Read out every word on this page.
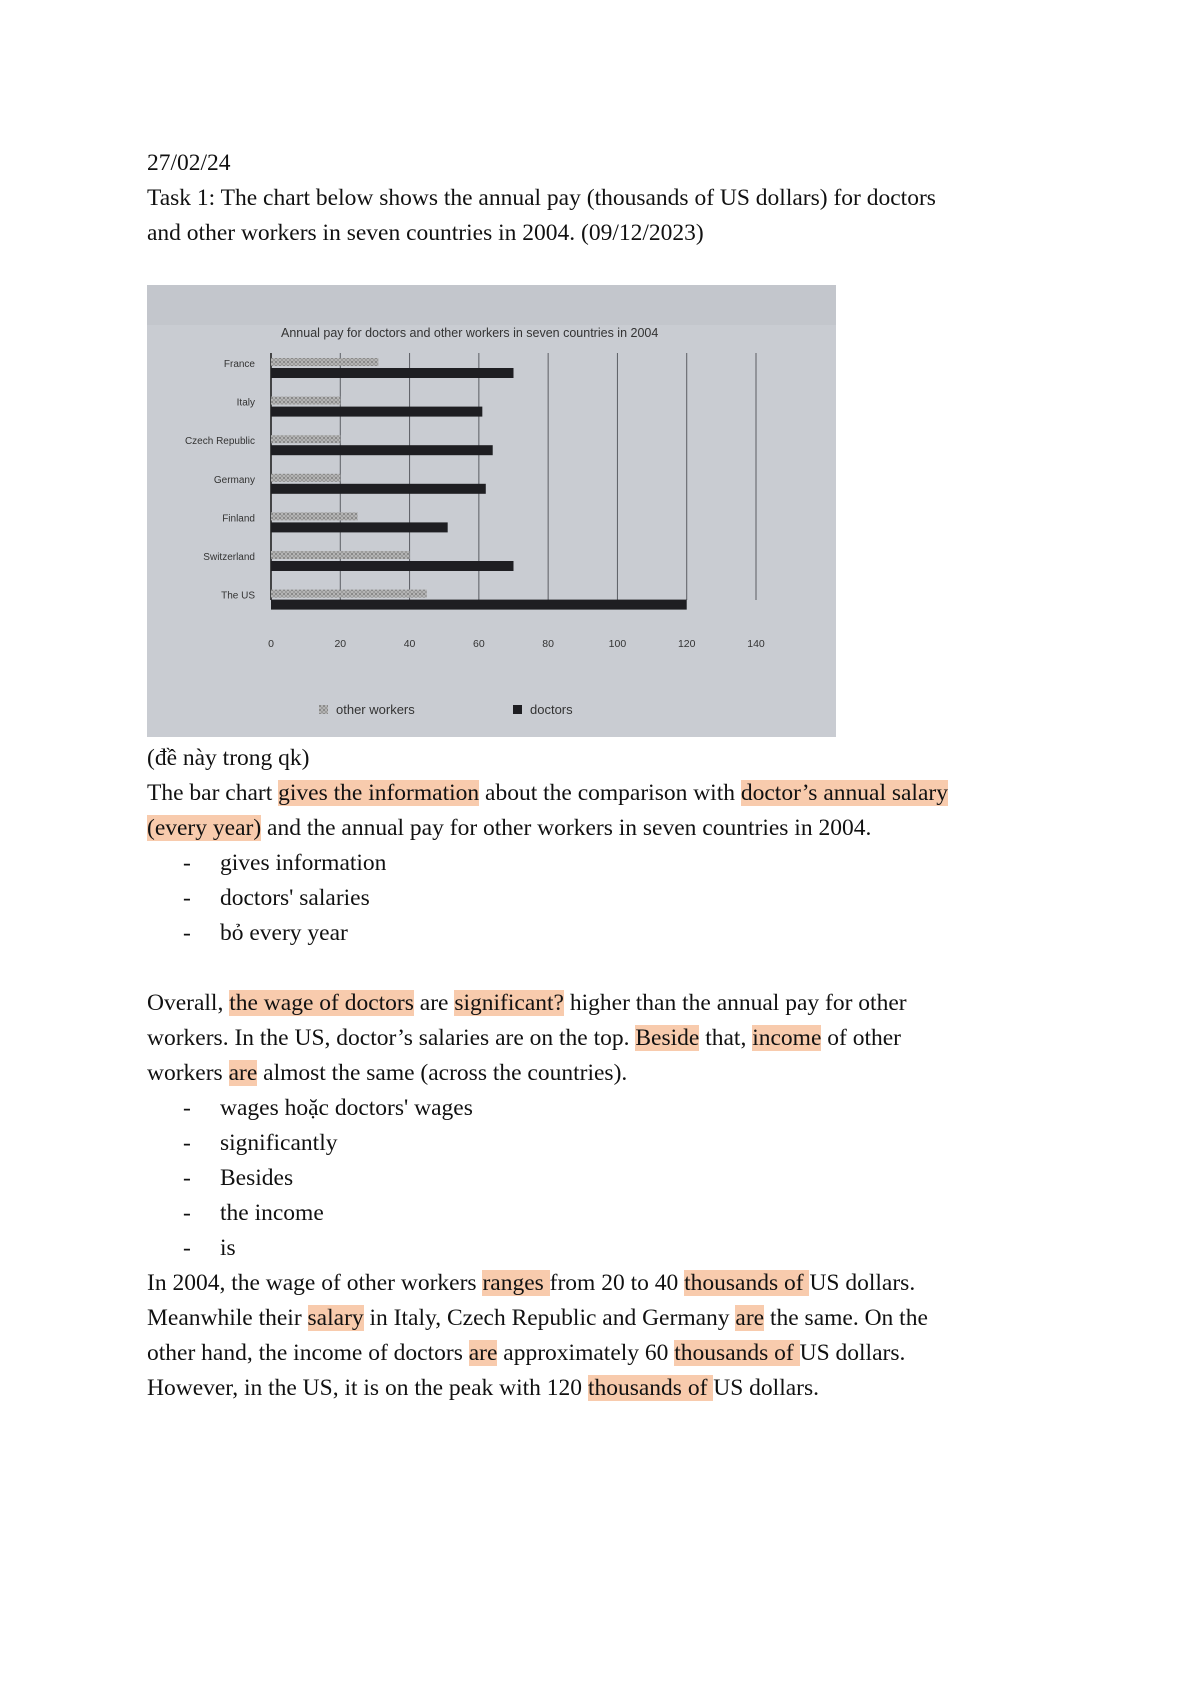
27/02/24
Task 1: The chart below shows the annual pay (thousands of US dollars) for doctors
and other workers in seven countries in 2004. (09/12/2023)
Annual pay for doctors and other workers in seven countries in 2004
France
Italy
Czech Republic
Germany
Finland
Switzerland
The US
0	20	40	60	80	100	120	140
other workers	doctors
(đề này trong qk)
The bar chart gives the information about the comparison with doctor’s annual salary
(every year) and the annual pay for other workers in seven countries in 2004.
- gives information
- doctors' salaries
- bỏ every year
Overall, the wage of doctors are significant? higher than the annual pay for other
workers. In the US, doctor’s salaries are on the top. Beside that, income of other
workers are almost the same (across the countries).
- wages hoặc doctors' wages
- significantly
- Besides
- the income
- is
In 2004, the wage of other workers ranges from 20 to 40 thousands of US dollars.
Meanwhile their salary in Italy, Czech Republic and Germany are the same. On the
other hand, the income of doctors are approximately 60 thousands of US dollars.
However, in the US, it is on the peak with 120 thousands of US dollars.
